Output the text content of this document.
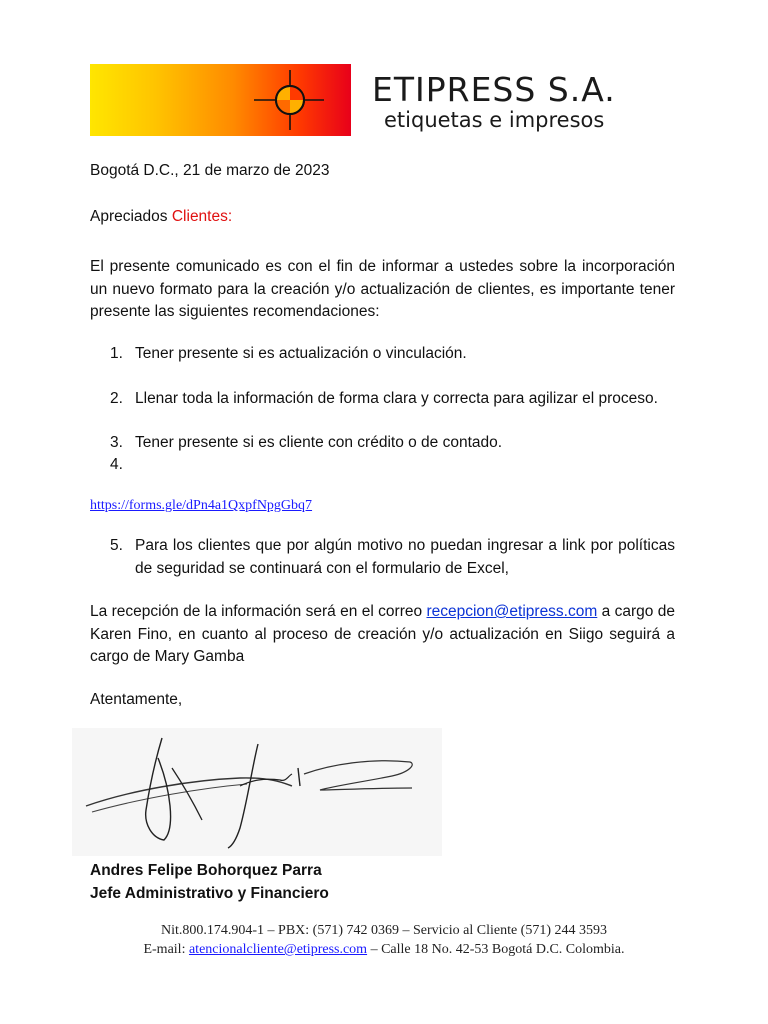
ETIPRESS S.A.
etiquetas e impresos
Bogotá D.C., 21 de marzo de 2023
Apreciados Clientes:
El presente comunicado es con el fin de informar a ustedes sobre la incorporación un nuevo formato para la creación y/o actualización de clientes, es importante tener presente las siguientes recomendaciones:
1. Tener presente si es actualización o vinculación.
2. Llenar toda la información de forma clara y correcta para agilizar el proceso.
3. Tener presente si es cliente con crédito o de contado.
4.
https://forms.gle/dPn4a1QxpfNpgGbq7
5. Para los clientes que por algún motivo no puedan ingresar a link por políticas de seguridad se continuará con el formulario de Excel,
La recepción de la información será en el correo recepcion@etipress.com a cargo de Karen Fino, en cuanto al proceso de creación y/o actualización en Siigo seguirá a cargo de Mary Gamba
Atentamente,
Andres Felipe Bohorquez Parra
Jefe Administrativo y Financiero
Nit.800.174.904-1 – PBX: (571) 742 0369 – Servicio al Cliente (571) 244 3593
E-mail: atencionalcliente@etipress.com – Calle 18 No. 42-53 Bogotá D.C. Colombia.
